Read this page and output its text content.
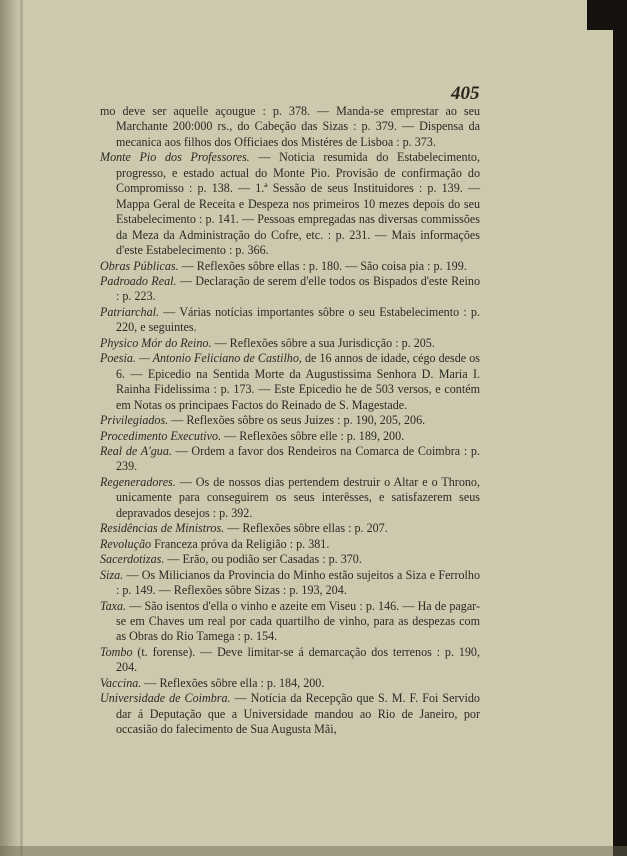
405
mo deve ser aquelle açougue : p. 378. — Manda-se emprestar ao seu Marchante 200:000 rs., do Cabeção das Sizas : p. 379. — Dispensa da mecanica aos filhos dos Officiaes dos Mistéres de Lisboa : p. 373.
Monte Pio dos Professores. — Noticia resumida do Estabelecimento, progresso, e estado actual do Monte Pio. Provisão de confirmação do Compromisso : p. 138. — 1.ª Sessão de seus Instituidores : p. 139. — Mappa Geral de Receita e Despeza nos primeiros 10 mezes depois do seu Estabelecimento : p. 141. — Pessoas empregadas nas diversas commissões da Meza da Administração do Cofre, etc. : p. 231. — Mais informações d'este Estabelecimento : p. 366.
Obras Públicas. — Reflexões sôbre ellas : p. 180. — São coisa pia : p. 199.
Padroado Real. — Declaração de serem d'elle todos os Bispados d'este Reino : p. 223.
Patriarchal. — Várias notícias importantes sôbre o seu Estabelecimento : p. 220, e seguintes.
Physico Mór do Reino. — Reflexões sôbre a sua Jurisdicção : p. 205.
Poesia. — Antonio Feliciano de Castilho, de 16 annos de idade, cégo desde os 6. — Epicedio na Sentida Morte da Augustissima Senhora D. Maria I. Rainha Fidelissima : p. 173. — Este Epicedio he de 503 versos, e contém em Notas os principaes Factos do Reinado de S. Magestade.
Privilegiados. — Reflexões sôbre os seus Juizes : p. 190, 205, 206.
Procedimento Executivo. — Reflexões sôbre elle : p. 189, 200.
Real de A'gua. — Ordem a favor dos Rendeiros na Comarca de Coimbra : p. 239.
Regeneradores. — Os de nossos dias pertendem destruir o Altar e o Throno, unicamente para conseguirem os seus interêsses, e satisfazerem seus depravados desejos : p. 392.
Residências de Ministros. — Reflexões sôbre ellas : p. 207.
Revolução Franceza próva da Religião : p. 381.
Sacerdotizas. — Erão, ou podião ser Casadas : p. 370.
Siza. — Os Milicianos da Provincia do Minho estão sujeitos a Siza e Ferrolho : p. 149. — Reflexões sôbre Sizas : p. 193, 204.
Taxa. — São isentos d'ella o vinho e azeite em Viseu : p. 146. — Ha de pagar-se em Chaves um real por cada quartilho de vinho, para as despezas com as Obras do Rio Tamega : p. 154.
Tombo (t. forense). — Deve limitar-se á demarcação dos terrenos : p. 190, 204.
Vaccina. — Reflexões sôbre ella : p. 184, 200.
Universidade de Coimbra. — Notícia da Recepção que S. M. F. Foi Servido dar á Deputação que a Universidade mandou ao Rio de Janeiro, por occasião do falecimento de Sua Augusta Mãi,
